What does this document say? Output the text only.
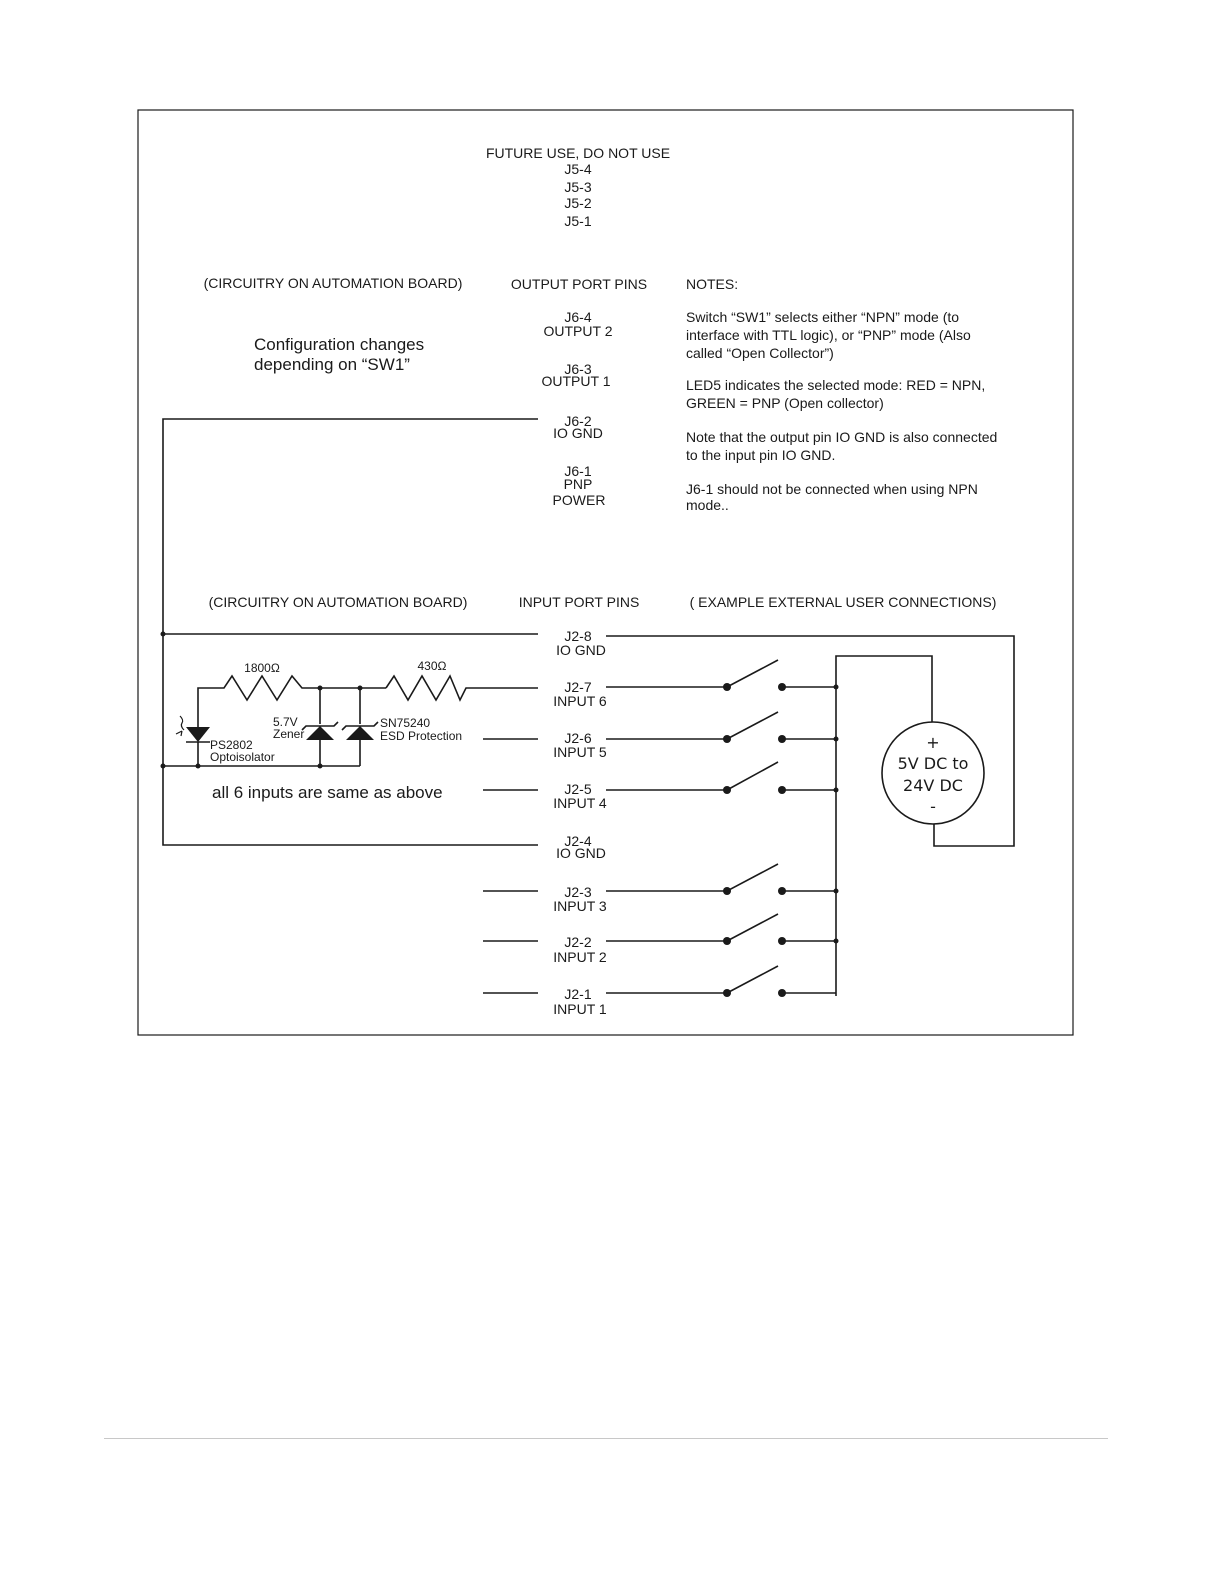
FUTURE USE, DO NOT USE
J5-4
J5-3
J5-2
J5-1
(CIRCUITRY ON AUTOMATION BOARD)	OUTPUT PORT PINS	NOTES:
Configuration changes
depending on “SW1”
J6-4
OUTPUT 2
J6-3
OUTPUT 1
J6-2
IO GND
J6-1
PNP
POWER
Switch “SW1” selects either “NPN” mode (to
interface with TTL logic), or “PNP” mode (Also
called “Open Collector”)
LED5 indicates the selected mode: RED = NPN,
GREEN = PNP (Open collector)
Note that the output pin IO GND is also connected
to the input pin IO GND.
J6-1 should not be connected when using NPN
mode..
(CIRCUITRY ON AUTOMATION BOARD)	INPUT PORT PINS	( EXAMPLE EXTERNAL USER CONNECTIONS)
J2-8
IO GND
J2-7
INPUT 6
J2-6
INPUT 5
J2-5
INPUT 4
J2-4
IO GND
J2-3
INPUT 3
J2-2
INPUT 2
J2-1
INPUT 1
1800Ω	430Ω
5.7V
Zener
SN75240
ESD Protection
PS2802
Optoisolator
all 6 inputs are same as above
+
5V DC to
24V DC
-
